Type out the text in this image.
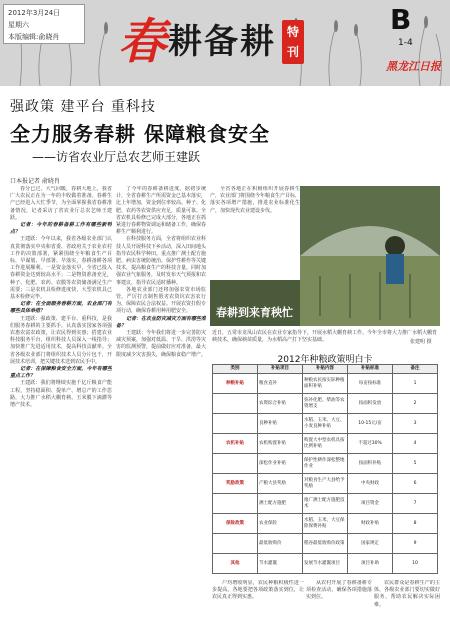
2012年3月24日
星期六
本版编辑:俞晓肖	春 耕备耕 特刊
B
1-4
黑龙江日报
强政策 建平台 重科技
全力服务春耕 保障粮食安全
——访省农业厅总农艺师王建跃
口本报记者 俞晓肖

春分已过，大气回暖，春耕大地上，我省广大农民正在为一年的丰收做着准备。春耕生产已经进入大忙季节，为全面掌握我省春耕准备情况，记者采访了省农业厅总农艺师王建跃。

记者：今年的春耕备耕工作有哪些新特点？

王建跃：今年以来，我省各级农业部门认真贯彻落实中央和省委、省政府关于农业农村工作的决策部署，紧紧围绕全年粮食生产目标，早谋划、早部署、早落实，春耕备耕各项工作进展顺利。一是资金落实早，全省已投入春耕资金达到较高水平；二是物资准备充足，种子、化肥、农药、农膜等农资储备满足生产需要；三是农机具检修进度快，大型农机具已基本检修完毕。

记者：在全面服务春耕方面，农业部门有哪些具体举措？

王建跃：强政策、建平台、重科技，是我们服务春耕的主要抓手。认真落实国家各项强农惠农富农政策，让农民得到实惠；搭建农业科技服务平台，组织科技人员深入一线指导；加快推广先进适用技术，提高科技贡献率。全省各级农业部门将组织技术人员分片包干，开展技术培训，把关键技术送到农民手中。

记者：在保障粮食安全方面，今年有哪些重点工作？

王建跃：我们将继续实施千亿斤粮食产能工程，坚持稳面积、提单产、增总产的工作思路，大力推广水稻大棚育秧、玉米膜下滴灌等增产技术。

了今年的春耕备耕进度。据初步统计，全省春耕生产所需资金已基本落实，比上年增加，资金到位率较高。种子、化肥、农药等农资供应充足，质量可靠。全省农机具检修已完成大部分，各地正在抓紧进行春耕物资调运和储备工作，确保春耕生产顺利进行。

在科技服务方面，全省将组织农业科技人员开展科技下乡活动，深入田间地头指导农民科学种田。重点推广测土配方施肥、病虫害统防统治、保护性耕作等关键技术，提高粮食生产的科技含量。同时加强农业气象服务，及时发布天气预报和农事建议，指导农民适时播种。

各地农业部门还将加强农资市场监管，严厉打击制售假劣农资坑农害农行为，保障农民合法权益。开展农资打假专项行动，确保春耕用种用肥安全。

记者：在农业防灾减灾方面有哪些准备？

王建跃：今年我们将进一步完善防灾减灾预案，加强对低温、干旱、洪涝等灾害的监测预警，提前做好应对准备，最大限度减少灾害损失，确保粮食稳产增产。

全省各地正在积极组织开展春耕生产，农业部门将围绕今年粮食生产目标，落实各项增产措施，推进农业标准化生产，加快现代农业建设步伐。

春耕到来育秧忙
近日，五常市龙凤山农民在农业专家指导下，开展水稻大棚育秧工作。今年全市将大力推广水稻大棚育秧技术，确保秧苗质量，为水稻高产打下坚实基础。	张建明 摄
2012年种粮政策明白卡
类别	补贴项目	补贴内容	补贴标准	备注
种粮补贴	粮食直补	种粮农民按实际种植面积补贴	每亩按标准	1
	农资综合补贴	弥补化肥、柴油等农资增支	按面积发放	2
	良种补贴	水稻、玉米、大豆、小麦良种补贴	10-15元/亩	3
农机补贴	农机购置补贴	购置大中型农机具按比例补贴	不超过30%	4
	深松作业补贴	保护性耕作深松整地作业	按面积补贴	5
奖励政策	产粮大县奖励	对粮食生产大县给予奖励	中央财政	6
	测土配方施肥	推广测土配方施肥技术	项目资金	7
保险政策	农业保险	水稻、玉米、大豆保险保费补贴	财政补贴	8
	最低收购价	稻谷最低收购价政策	国家规定	9
其他	节水灌溉	发展节水灌溉项目	项目补助	10

户均增收明显，农民种粮积极性进一步提高。各地要把各项政策落实到位，让农民真正得到实惠。

从农村开展了春耕备耕专项检查活动，确保各项措施落实到位。

农民群众是春耕生产的主体，各级农业部门要切实做好服务，帮助农民解决实际困难。
